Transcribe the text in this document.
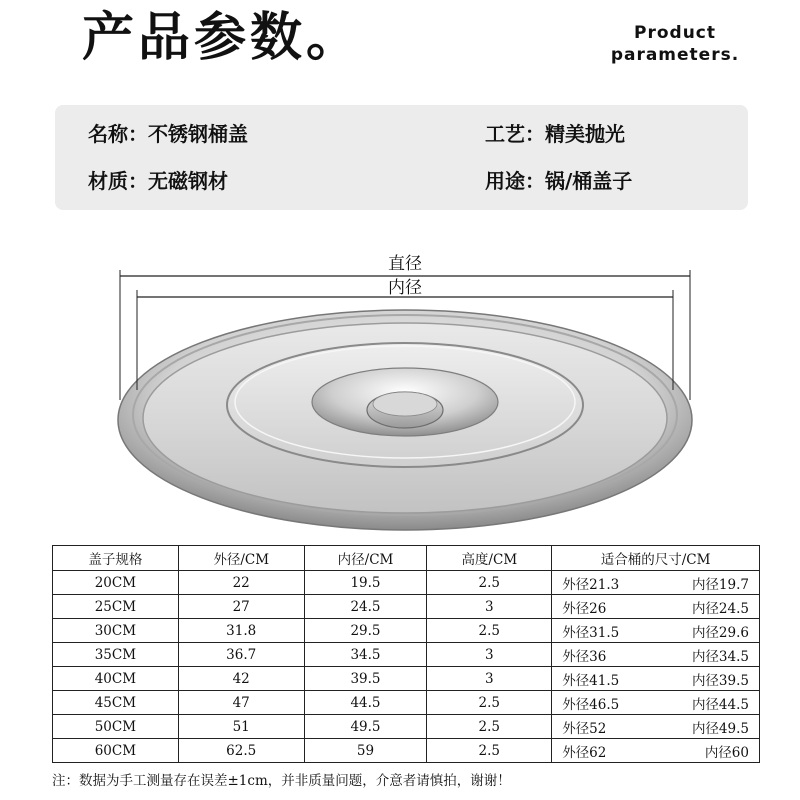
产品参数。	Product
parameters.
名称：不锈钢桶盖	工艺：精美抛光
材质：无磁钢材	用途：锅/桶盖子
直径
内径
盖子规格	外径/CM	内径/CM	高度/CM	适合桶的尺寸/CM
20CM	22	19.5	2.5	外径21.3 内径19.7

25CM	27	24.5	3	外径26 内径24.5

30CM	31.8	29.5	2.5	外径31.5 内径29.6

35CM	36.7	34.5	3	外径36 内径34.5

40CM	42	39.5	3	外径41.5 内径39.5

45CM	47	44.5	2.5	外径46.5 内径44.5

50CM	51	49.5	2.5	外径52 内径49.5

60CM	62.5	59	2.5	外径62 内径60
注：数据为手工测量存在误差±1cm，并非质量问题，介意者请慎拍，谢谢！
